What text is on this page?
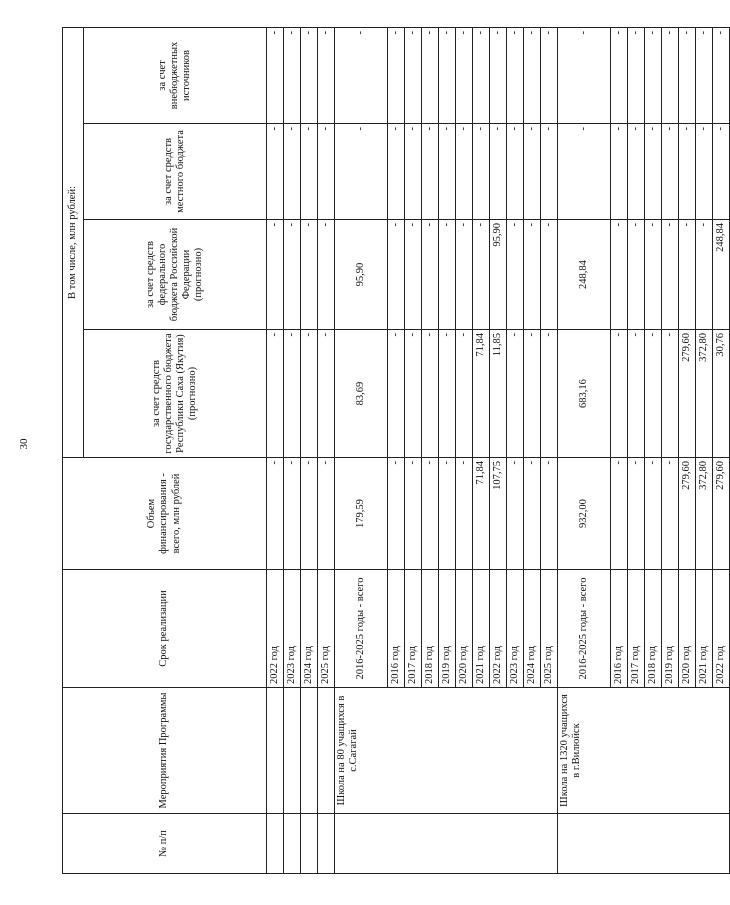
30
№ п/п	Мероприятия Программы	Срок реализации	Объем финансирования - всего, млн рублей	В том числе, млн рублей:			
				за счет средств государственного бюджета Республики Саха (Якутия) (прогнозно)	за счет средств федерального бюджета Российской Федерации (прогнозно)	за счет средств местного бюджета	за счет внебюджетных источников
		2022 год	-	-	-	-	-
		2023 год	-	-	-	-	-
		2024 год	-	-	-	-	-
		2025 год	-	-	-	-	-
	Школа на 80 учащихся в с.Сагагай	2016-2025 годы - всего	179,59	83,69	95,90	-	-
		2016 год	-	-	-	-	-
		2017 год	-	-	-	-	-
		2018 год	-	-	-	-	-
		2019 год	-	-	-	-	-
		2020 год	-	-	-	-	-
		2021 год	71,84	71,84	-	-	-
		2022 год	107,75	11,85	95,90	-	-
		2023 год	-	-	-	-	-
		2024 год	-	-	-	-	-
		2025 год	-	-	-	-	-
	Школа на 1320 учащихся в г.Вилюйск	2016-2025 годы - всего	932,00	683,16	248,84	-	-
		2016 год	-	-	-	-	-
		2017 год	-	-	-	-	-
		2018 год	-	-	-	-	-
		2019 год	-	-	-	-	-
		2020 год	279,60	279,60	-	-	-
		2021 год	372,80	372,80	-	-	-
		2022 год	279,60	30,76	248,84	-	-
